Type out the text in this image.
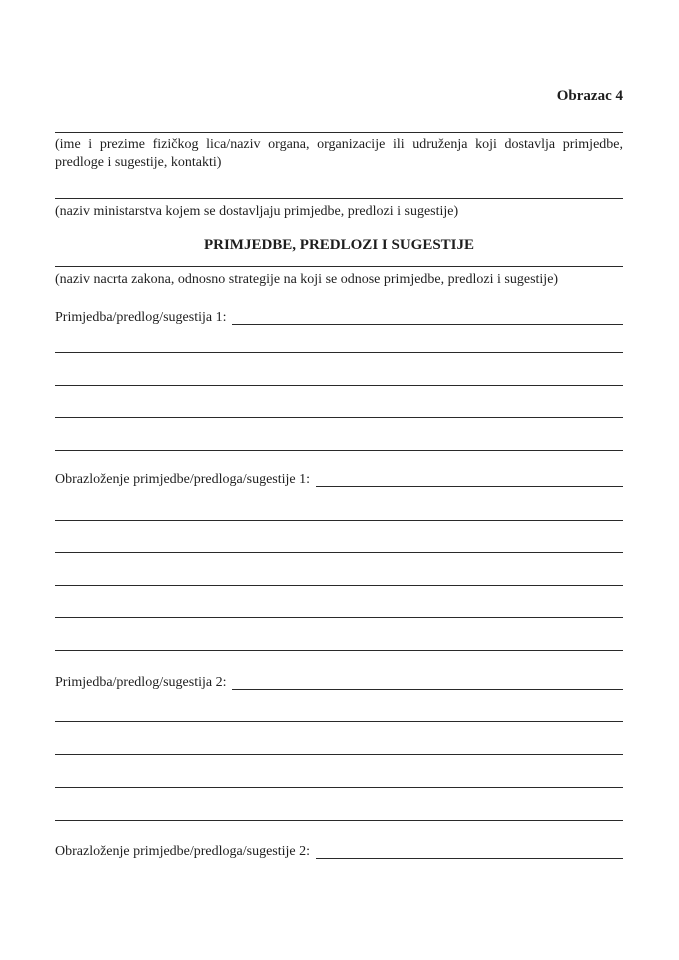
Obrazac 4
(ime i prezime fizičkog lica/naziv organa, organizacije ili udruženja koji dostavlja primjedbe, predloge i sugestije, kontakti)
(naziv ministarstva kojem se dostavljaju primjedbe, predlozi i sugestije)
PRIMJEDBE, PREDLOZI I SUGESTIJE
(naziv nacrta zakona, odnosno strategije na koji se odnose primjedbe, predlozi i sugestije)
Primjedba/predlog/sugestija 1:
Obrazloženje primjedbe/predloga/sugestije 1:
Primjedba/predlog/sugestija 2:
Obrazloženje primjedbe/predloga/sugestije 2:
